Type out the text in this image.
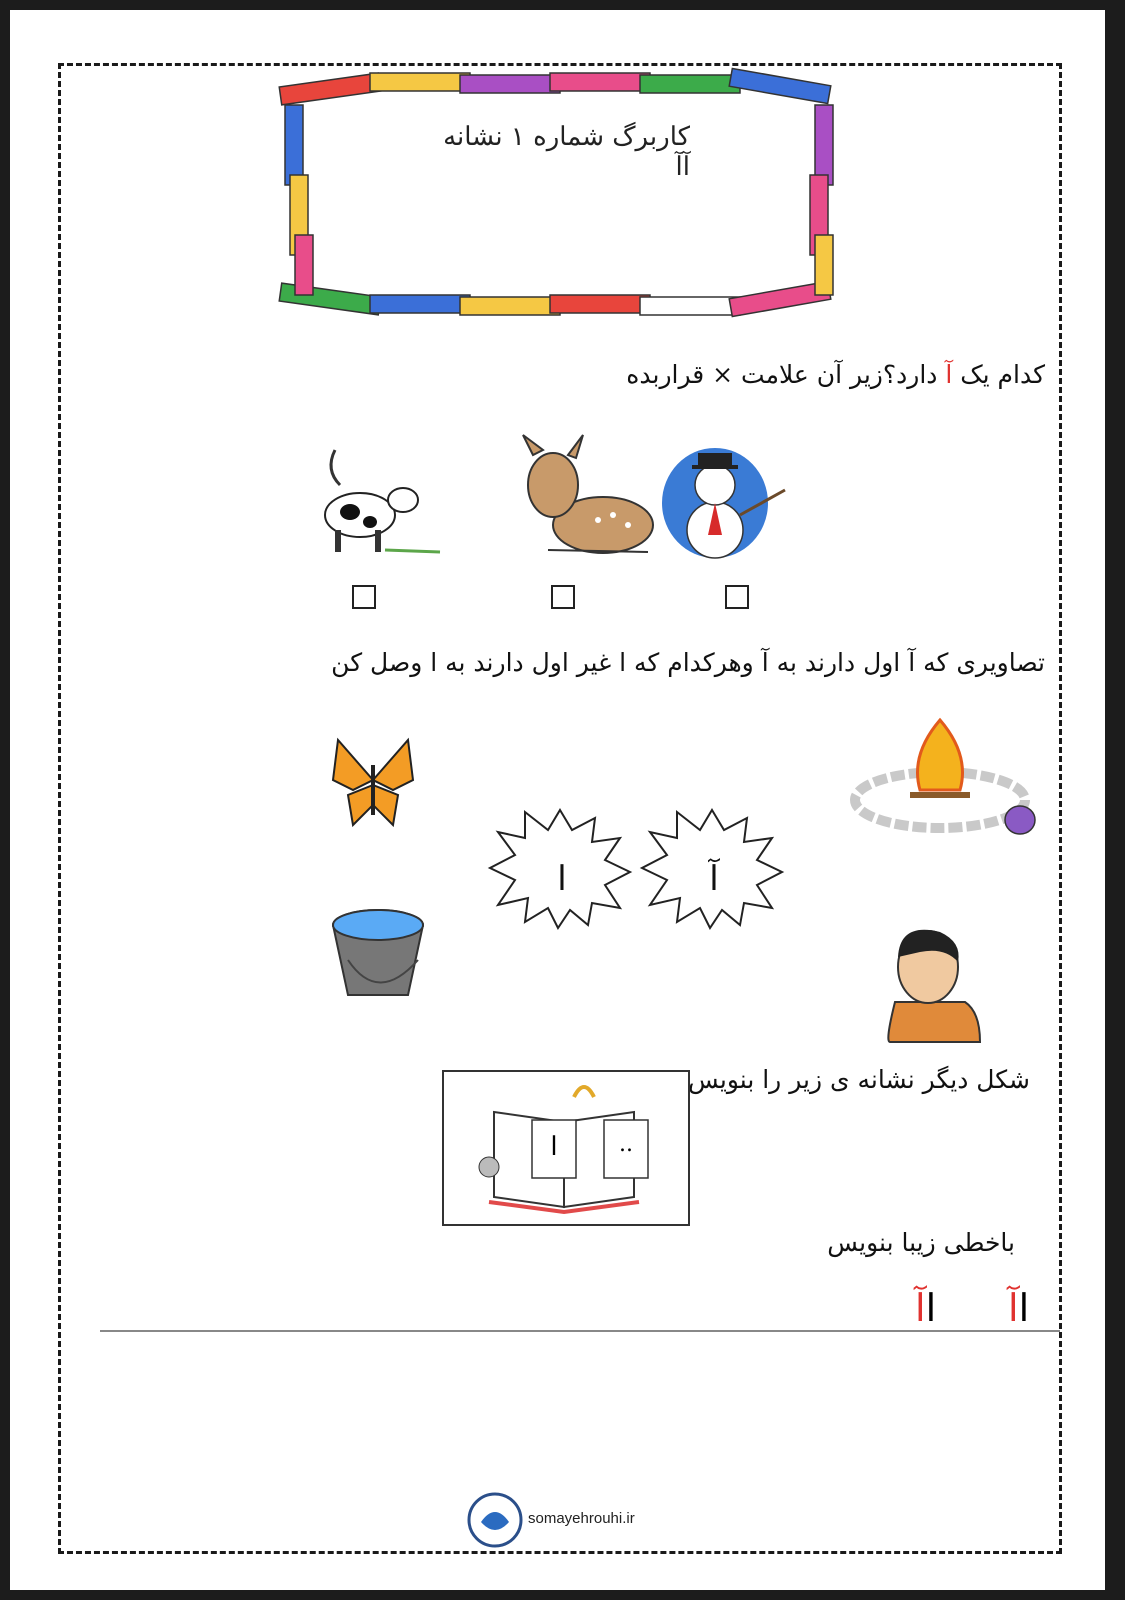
کاربرگ شماره ۱ نشانه آآ
کدام یک آ دارد؟زیر آن علامت × قراربده
تصاویری که آ اول دارند به آ وهرکدام که ا غیر اول دارند به ا وصل کن
ا	آ
شکل دیگر نشانه ی زیر را بنویس
ا	..
باخطی زیبا بنویس
اآ	اآ
somayehrouhi.ir
